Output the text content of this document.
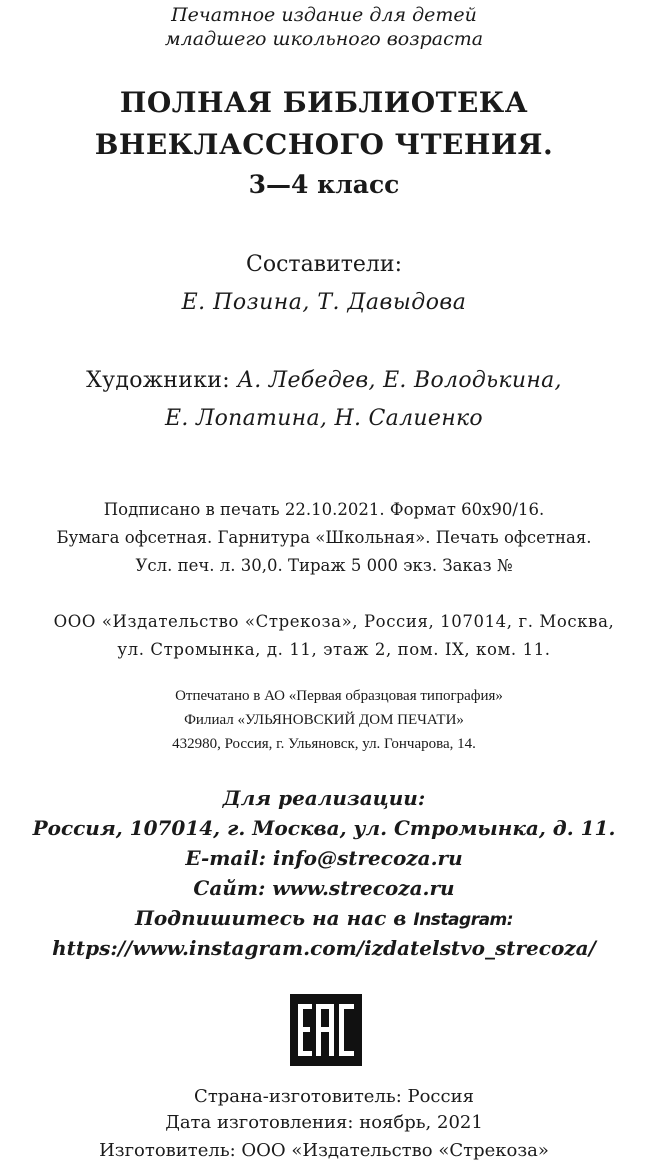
Печатное издание для детей
младшего школьного возраста
ПОЛНАЯ БИБЛИОТЕКА
ВНЕКЛАССНОГО ЧТЕНИЯ.
3—4 класс
Составители:
Е. Позина, Т. Давыдова
Художники: А. Лебедев, Е. Володькина,
Е. Лопатина, Н. Салиенко
Подписано в печать 22.10.2021. Формат 60x90/16.
Бумага офсетная. Гарнитура «Школьная». Печать офсетная.
Усл. печ. л. 30,0. Тираж 5 000 экз. Заказ №
ООО «Издательство «Стрекоза», Россия, 107014, г. Москва,
ул. Стромынка, д. 11, этаж 2, пом. IX, ком. 11.
Отпечатано в АО «Первая образцовая типография»
Филиал «УЛЬЯНОВСКИЙ ДОМ ПЕЧАТИ»
432980, Россия, г. Ульяновск, ул. Гончарова, 14.
Для реализации:
Россия, 107014, г. Москва, ул. Стромынка, д. 11.
E-mail: info@strecoza.ru
Сайт: www.strecoza.ru
Подпишитесь на нас в Instagram:
https://www.instagram.com/izdatelstvo_strecoza/
Страна-изготовитель: Россия
Дата изготовления: ноябрь, 2021
Изготовитель: ООО «Издательство «Стрекоза»
